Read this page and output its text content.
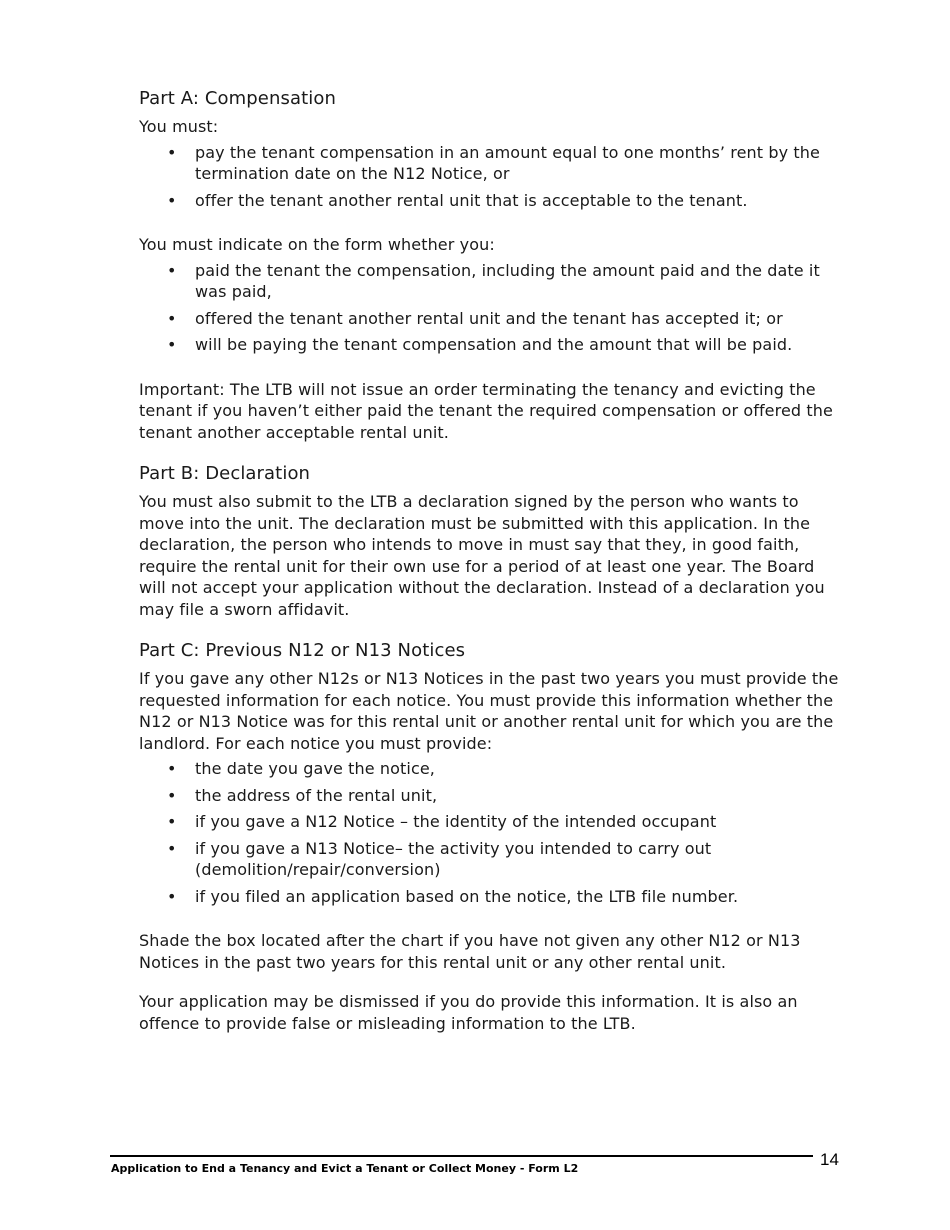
Part A: Compensation

You must:

• pay the tenant compensation in an amount equal to one months’ rent by the termination date on the N12 Notice, or
• offer the tenant another rental unit that is acceptable to the tenant.

You must indicate on the form whether you:

• paid the tenant the compensation, including the amount paid and the date it was paid,
• offered the tenant another rental unit and the tenant has accepted it; or
• will be paying the tenant compensation and the amount that will be paid.

Important: The LTB will not issue an order terminating the tenancy and evicting the tenant if you haven’t either paid the tenant the required compensation or offered the tenant another acceptable rental unit.

Part B: Declaration

You must also submit to the LTB a declaration signed by the person who wants to move into the unit. The declaration must be submitted with this application. In the declaration, the person who intends to move in must say that they, in good faith, require the rental unit for their own use for a period of at least one year. The Board will not accept your application without the declaration. Instead of a declaration you may file a sworn affidavit.

Part C: Previous N12 or N13 Notices

If you gave any other N12s or N13 Notices in the past two years you must provide the requested information for each notice. You must provide this information whether the N12 or N13 Notice was for this rental unit or another rental unit for which you are the landlord. For each notice you must provide:

• the date you gave the notice,
• the address of the rental unit,
• if you gave a N12 Notice – the identity of the intended occupant
• if you gave a N13 Notice– the activity you intended to carry out (demolition/repair/conversion)
• if you filed an application based on the notice, the LTB file number.

Shade the box located after the chart if you have not given any other N12 or N13 Notices in the past two years for this rental unit or any other rental unit.

Your application may be dismissed if you do provide this information. It is also an offence to provide false or misleading information to the LTB.

Application to End a Tenancy and Evict a Tenant or Collect Money - Form L2	14
